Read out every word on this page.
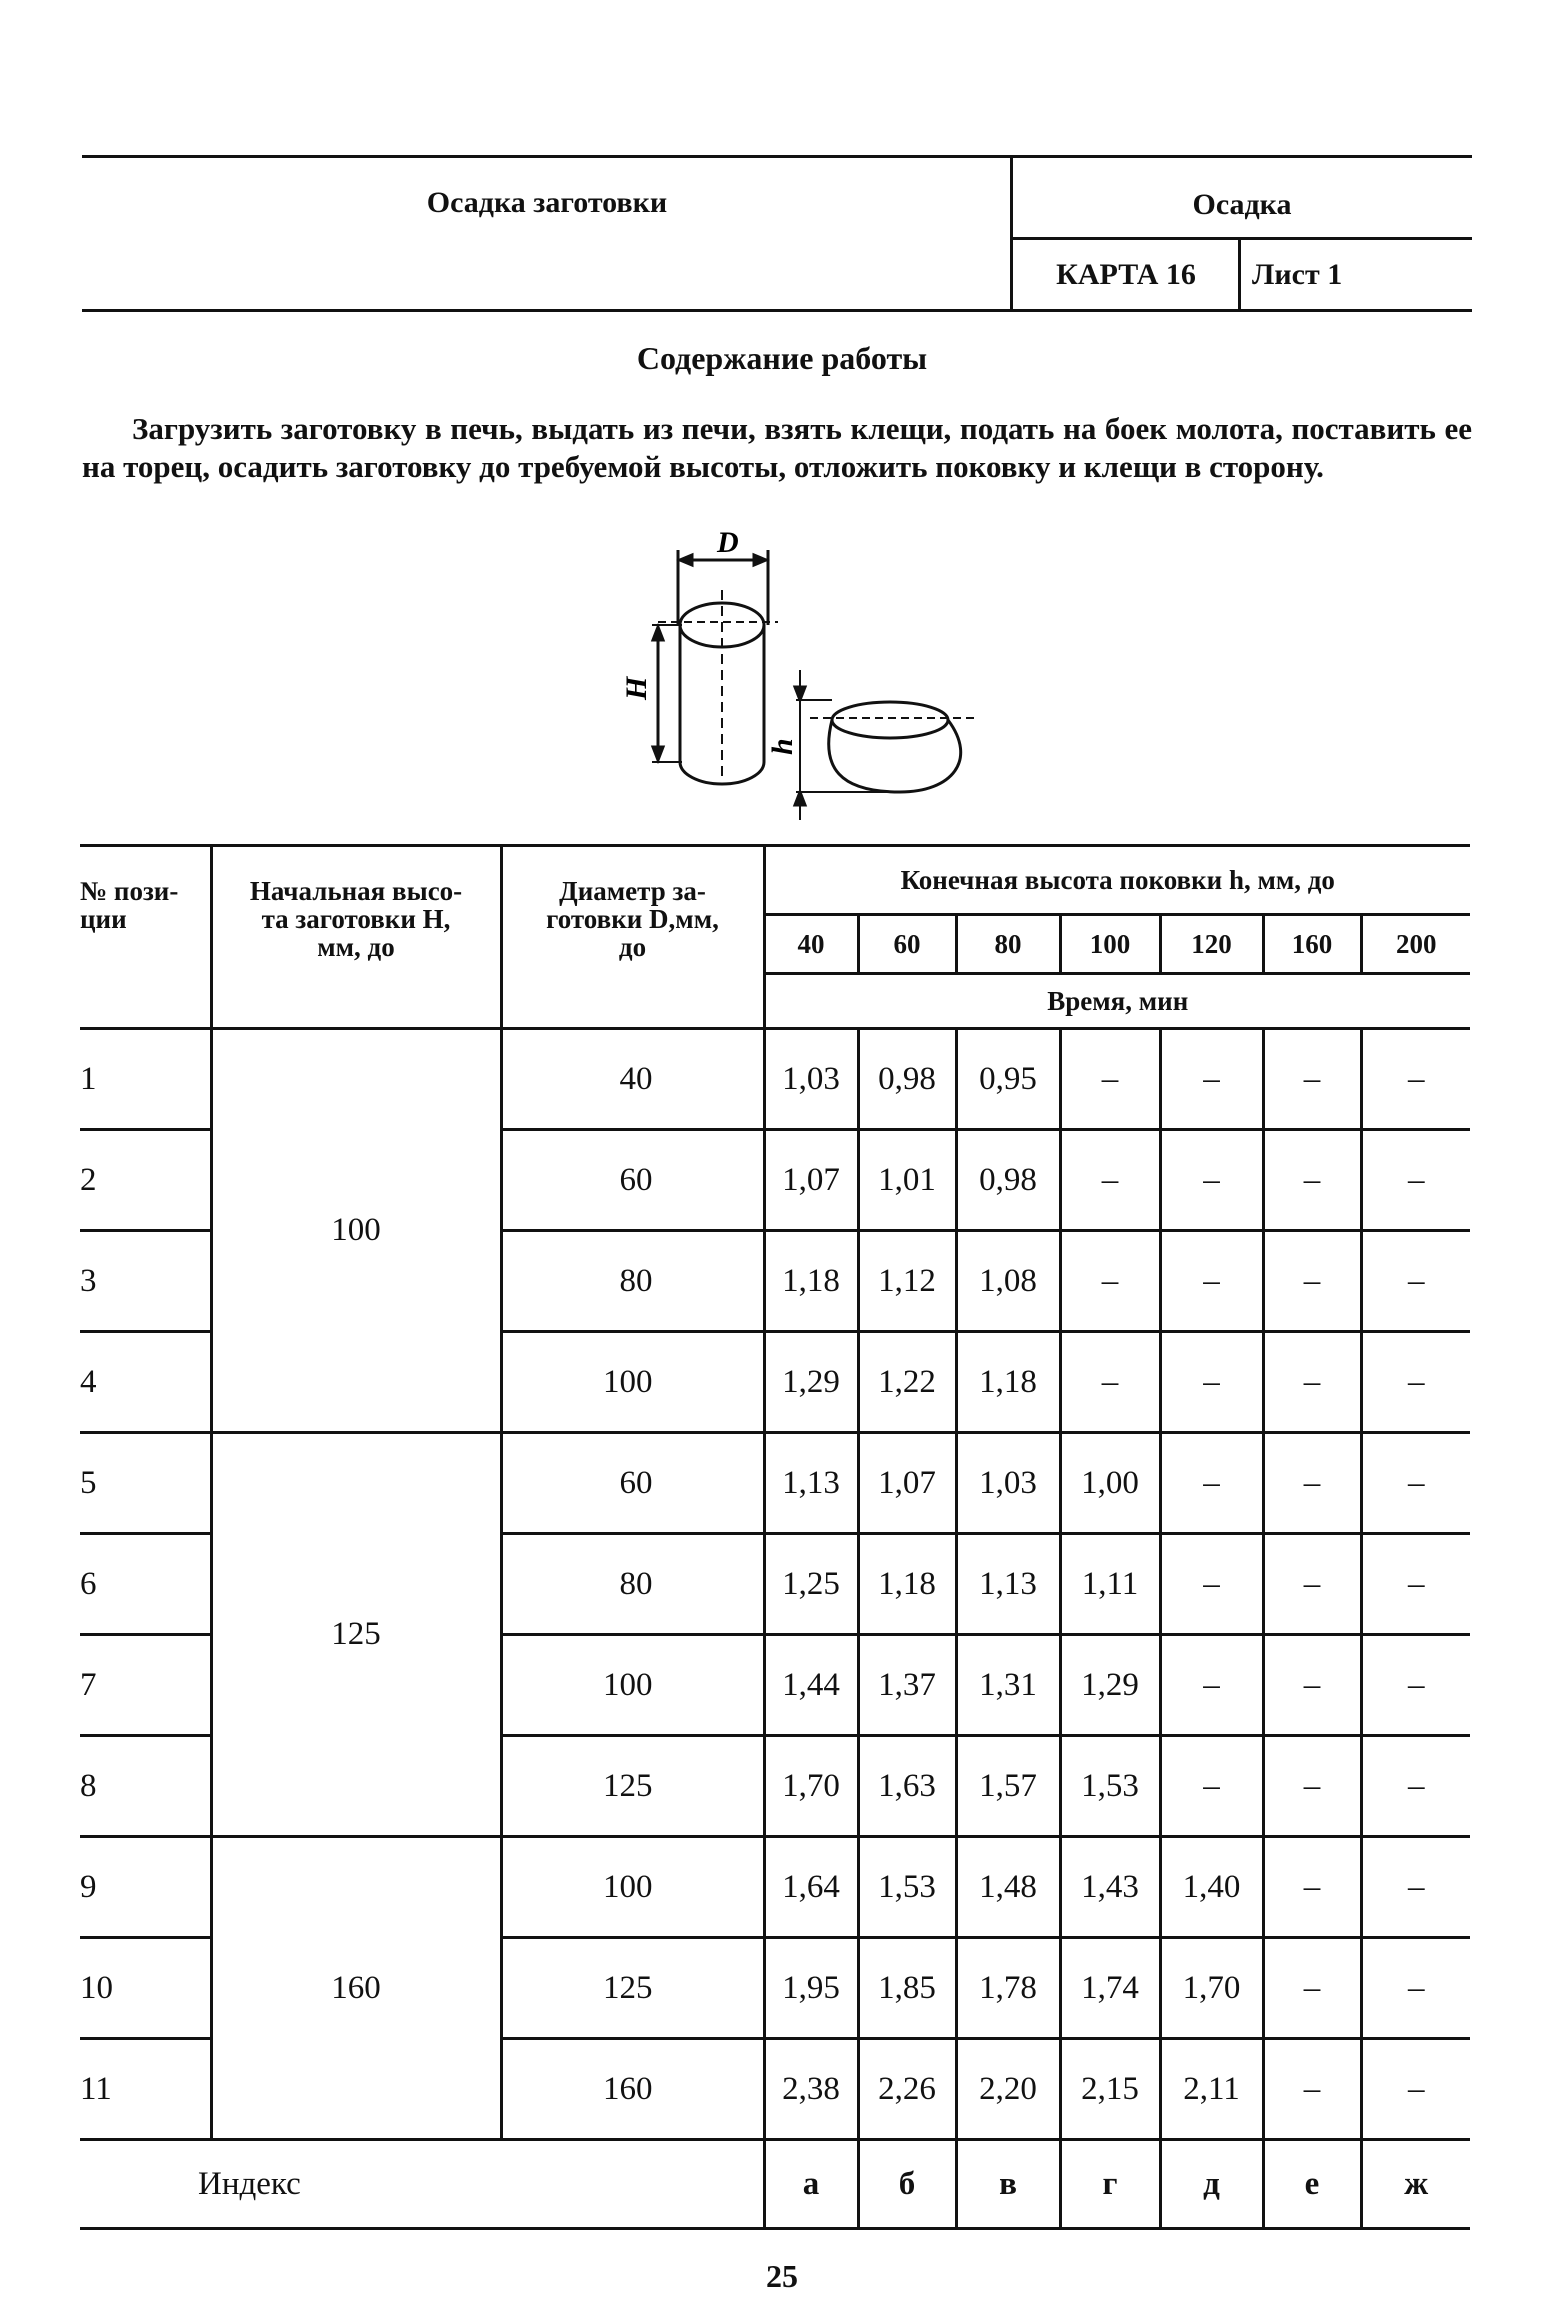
Осадка заготовки	Осадка
КАРТА 16	Лист 1
Содержание работы
Загрузить заготовку в печь, выдать из печи, взять клещи, подать на боек молота, поставить ее на торец, осадить заготовку до требуемой высоты, отложить поковку и клещи в сторону.
D
H
h
№ пози-
ции	Начальная высо-
та заготовки H,
мм, до	Диаметр за-
готовки D,мм,
до	Конечная высота поковки h, мм, до						
			40	60	80	100	120	160	200
			Время, мин						
1	100	40	1,03	0,98	0,95	–	–	–	–
2		60	1,07	1,01	0,98	–	–	–	–
3		80	1,18	1,12	1,08	–	–	–	–
4		100	1,29	1,22	1,18	–	–	–	–
5	125	60	1,13	1,07	1,03	1,00	–	–	–
6		80	1,25	1,18	1,13	1,11	–	–	–
7		100	1,44	1,37	1,31	1,29	–	–	–
8		125	1,70	1,63	1,57	1,53	–	–	–
9	160	100	1,64	1,53	1,48	1,43	1,40	–	–
10		125	1,95	1,85	1,78	1,74	1,70	–	–
11		160	2,38	2,26	2,20	2,15	2,11	–	–
Индекс			а	б	в	г	д	е	ж
25
